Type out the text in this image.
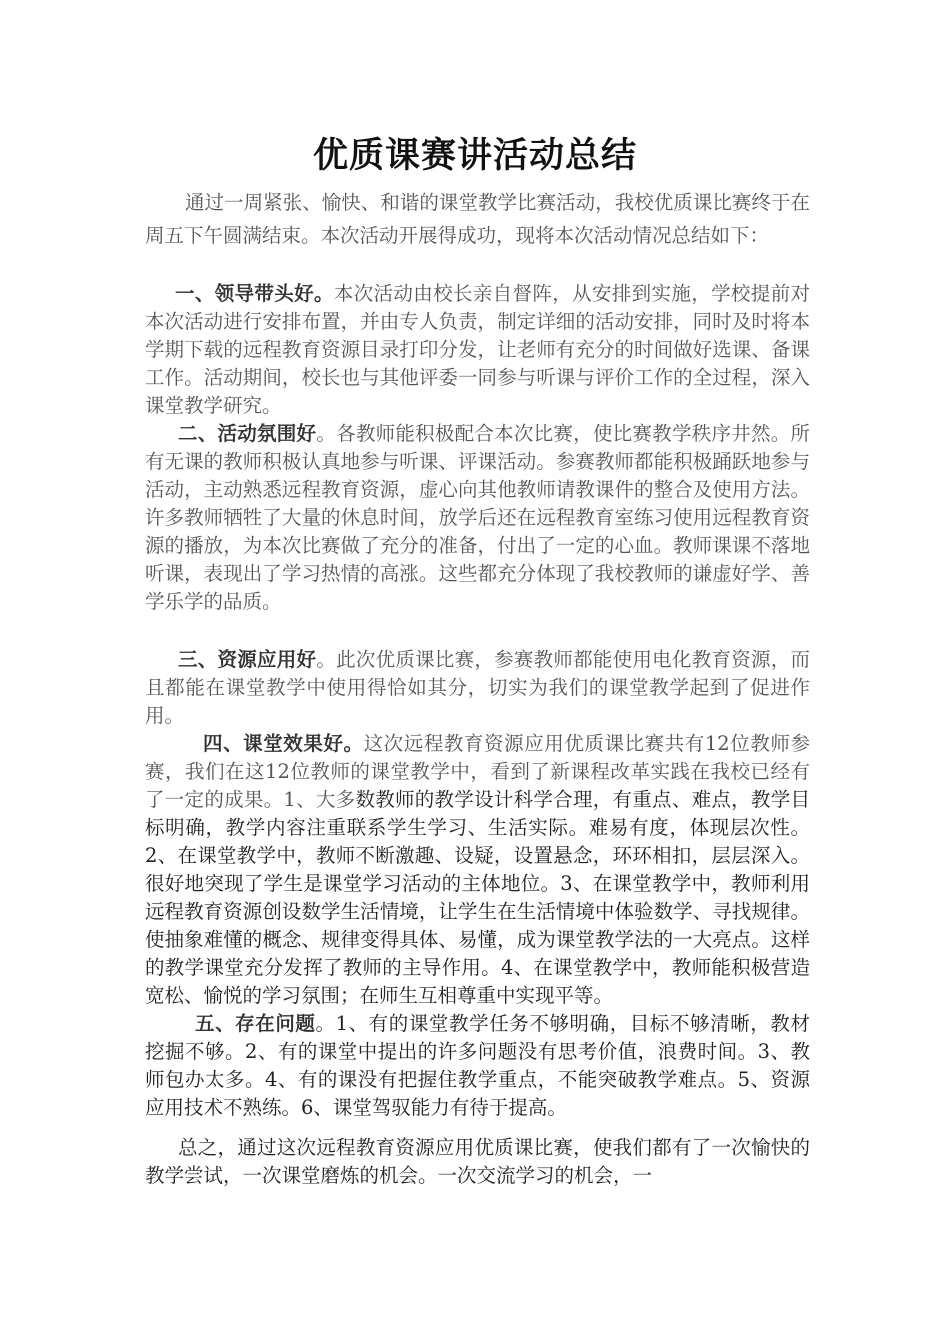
优质课赛讲活动总结

通过一周紧张、愉快、和谐的课堂教学比赛活动，我校优质课比赛终于在周五下午圆满结束。本次活动开展得成功，现将本次活动情况总结如下：

一、领导带头好。本次活动由校长亲自督阵，从安排到实施，学校提前对本次活动进行安排布置，并由专人负责，制定详细的活动安排，同时及时将本学期下载的远程教育资源目录打印分发，让老师有充分的时间做好选课、备课工作。活动期间，校长也与其他评委一同参与听课与评价工作的全过程，深入课堂教学研究。

二、活动氛围好。各教师能积极配合本次比赛，使比赛教学秩序井然。所有无课的教师积极认真地参与听课、评课活动。参赛教师都能积极踊跃地参与活动，主动熟悉远程教育资源，虚心向其他教师请教课件的整合及使用方法。许多教师牺牲了大量的休息时间，放学后还在远程教育室练习使用远程教育资源的播放，为本次比赛做了充分的准备，付出了一定的心血。教师课课不落地听课，表现出了学习热情的高涨。这些都充分体现了我校教师的谦虚好学、善学乐学的品质。

三、资源应用好。此次优质课比赛，参赛教师都能使用电化教育资源，而且都能在课堂教学中使用得恰如其分，切实为我们的课堂教学起到了促进作用。

四、课堂效果好。这次远程教育资源应用优质课比赛共有12位教师参赛，我们在这12位教师的课堂教学中，看到了新课程改革实践在我校已经有了一定的成果。1、大多数教师的教学设计科学合理，有重点、难点，教学目标明确，教学内容注重联系学生学习、生活实际。难易有度，体现层次性。2、在课堂教学中，教师不断激趣、设疑，设置悬念，环环相扣，层层深入。很好地突现了学生是课堂学习活动的主体地位。3、在课堂教学中，教师利用远程教育资源创设数学生活情境，让学生在生活情境中体验数学、寻找规律。使抽象难懂的概念、规律变得具体、易懂，成为课堂教学法的一大亮点。这样的教学课堂充分发挥了教师的主导作用。4、在课堂教学中，教师能积极营造宽松、愉悦的学习氛围；在师生互相尊重中实现平等。

五、存在问题。1、有的课堂教学任务不够明确，目标不够清晰，教材挖掘不够。2、有的课堂中提出的许多问题没有思考价值，浪费时间。3、教师包办太多。4、有的课没有把握住教学重点，不能突破教学难点。5、资源应用技术不熟练。6、课堂驾驭能力有待于提高。

总之，通过这次远程教育资源应用优质课比赛，使我们都有了一次愉快的教学尝试，一次课堂磨炼的机会。一次交流学习的机会，一
